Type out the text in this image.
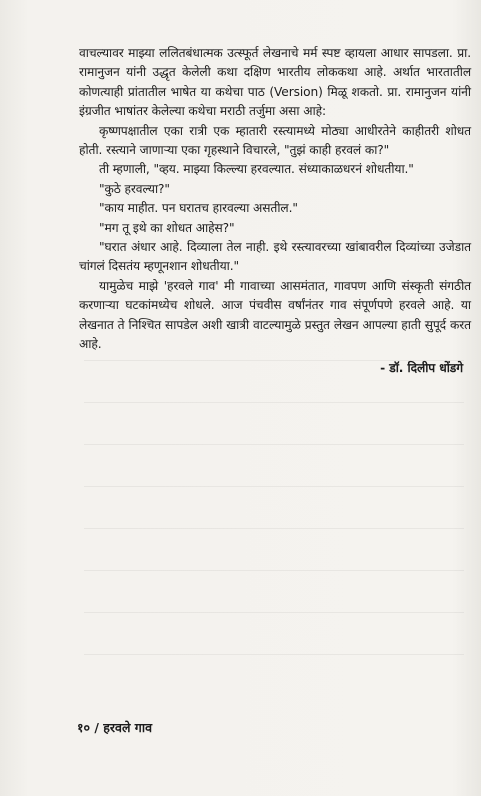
वाचल्यावर माझ्या ललितबंधात्मक उत्स्फूर्त लेखनाचे मर्म स्पष्ट व्हायला आधार सापडला. प्रा. रामानुजन यांनी उद्धृत केलेली कथा दक्षिण भारतीय लोककथा आहे. अर्थात भारतातील कोणत्याही प्रांतातील भाषेत या कथेचा पाठ (Version) मिळू शकतो. प्रा. रामानुजन यांनी इंग्रजीत भाषांतर केलेल्या कथेचा मराठी तर्जुमा असा आहे:

कृष्णपक्षातील एका रात्री एक म्हातारी रस्त्यामध्ये मोठ्या आधीरतेने काहीतरी शोधत होती. रस्त्याने जाणाऱ्या एका गृहस्थाने विचारले, "तुझं काही हरवलं का?"

ती म्हणाली, "व्हय. माझ्या किल्ल्या हरवल्यात. संध्याकाळधरनं शोधतीया."

"कुठे हरवल्या?"

"काय माहीत. पन घरातच हारवल्या असतील."

"मग तू इथे का शोधत आहेस?"

"घरात अंधार आहे. दिव्याला तेल नाही. इथे रस्त्यावरच्या खांबावरील दिव्यांच्या उजेडात चांगलं दिसतंय म्हणूनशान शोधतीया."

यामुळेच माझे 'हरवले गाव' मी गावाच्या आसमंतात, गावपण आणि संस्कृती संगठीत करणाऱ्या घटकांमध्येच शोधले. आज पंचवीस वर्षांनंतर गाव संपूर्णपणे हरवले आहे. या लेखनात ते निश्चित सापडेल अशी खात्री वाटल्यामुळे प्रस्तुत लेखन आपल्या हाती सुपूर्द करत आहे.

- डॉ. दिलीप धोंडगे

१० / हरवले गाव
